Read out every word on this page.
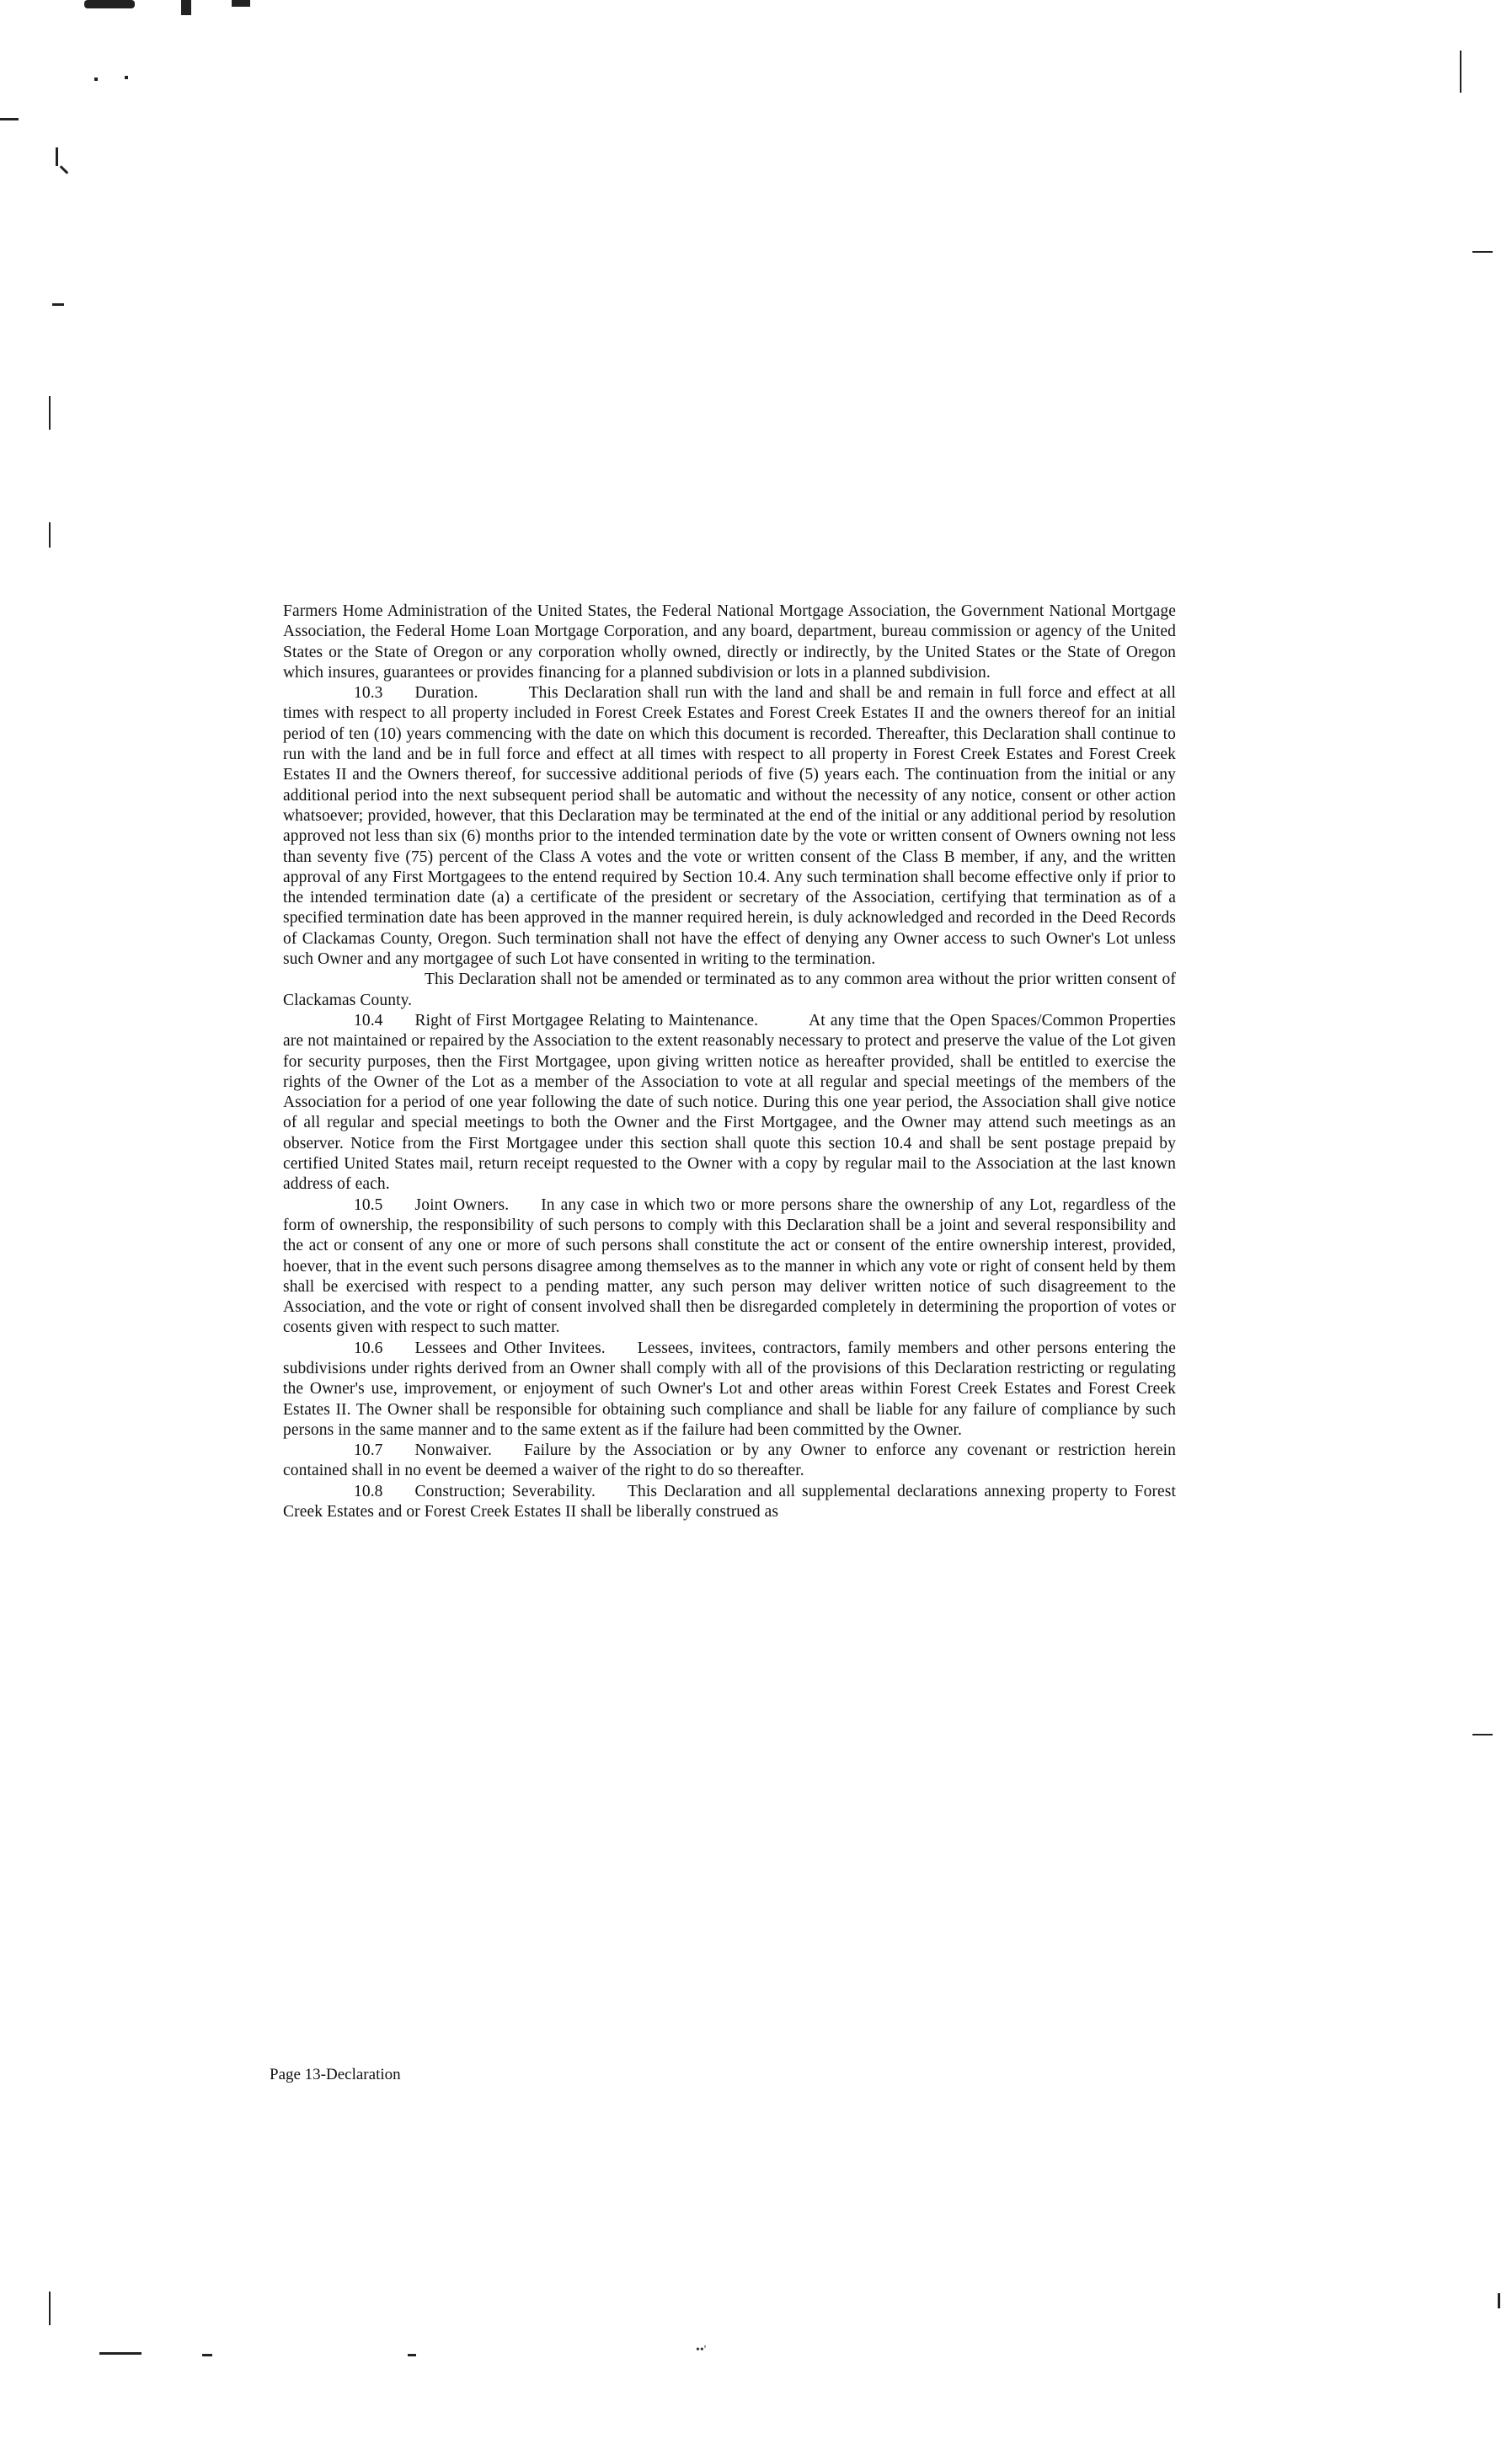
Farmers Home Administration of the United States, the Federal National Mortgage Association, the Government National Mortgage Association, the Federal Home Loan Mortgage Corporation, and any board, department, bureau commission or agency of the United States or the State of Oregon or any corporation wholly owned, directly or indirectly, by the United States or the State of Oregon which insures, guarantees or provides financing for a planned subdivision or lots in a planned subdivision.

10.3 Duration.	This Declaration shall run with the land and shall be and remain in full force and effect at all times with respect to all property included in Forest Creek Estates and Forest Creek Estates II and the owners thereof for an initial period of ten (10) years commencing with the date on which this document is recorded. Thereafter, this Declaration shall continue to run with the land and be in full force and effect at all times with respect to all property in Forest Creek Estates and Forest Creek Estates II and the Owners thereof, for successive additional periods of five (5) years each. The continuation from the initial or any additional period into the next subsequent period shall be automatic and without the necessity of any notice, consent or other action whatsoever; provided, however, that this Declaration may be terminated at the end of the initial or any additional period by resolution approved not less than six (6) months prior to the intended termination date by the vote or written consent of Owners owning not less than seventy five (75) percent of the Class A votes and the vote or written consent of the Class B member, if any, and the written approval of any First Mortgagees to the entend required by Section 10.4. Any such termination shall become effective only if prior to the intended termination date (a) a certificate of the president or secretary of the Association, certifying that termination as of a specified termination date has been approved in the manner required herein, is duly acknowledged and recorded in the Deed Records of Clackamas County, Oregon. Such termination shall not have the effect of denying any Owner access to such Owner's Lot unless such Owner and any mortgagee of such Lot have consented in writing to the termination.

This Declaration shall not be amended or terminated as to any common area without the prior written consent of Clackamas County.

10.4 Right of First Mortgagee Relating to Maintenance.	At any time that the Open Spaces/Common Properties are not maintained or repaired by the Association to the extent reasonably necessary to protect and preserve the value of the Lot given for security purposes, then the First Mortgagee, upon giving written notice as hereafter provided, shall be entitled to exercise the rights of the Owner of the Lot as a member of the Association to vote at all regular and special meetings of the members of the Association for a period of one year following the date of such notice. During this one year period, the Association shall give notice of all regular and special meetings to both the Owner and the First Mortgagee, and the Owner may attend such meetings as an observer. Notice from the First Mortgagee under this section shall quote this section 10.4 and shall be sent postage prepaid by certified United States mail, return receipt requested to the Owner with a copy by regular mail to the Association at the last known address of each.

10.5 Joint Owners. In any case in which two or more persons share the ownership of any Lot, regardless of the form of ownership, the responsibility of such persons to comply with this Declaration shall be a joint and several responsibility and the act or consent of any one or more of such persons shall constitute the act or consent of the entire ownership interest, provided, hoever, that in the event such persons disagree among themselves as to the manner in which any vote or right of consent held by them shall be exercised with respect to a pending matter, any such person may deliver written notice of such disagreement to the Association, and the vote or right of consent involved shall then be disregarded completely in determining the proportion of votes or cosents given with respect to such matter.

10.6 Lessees and Other Invitees. Lessees, invitees, contractors, family members and other persons entering the subdivisions under rights derived from an Owner shall comply with all of the provisions of this Declaration restricting or regulating the Owner's use, improvement, or enjoyment of such Owner's Lot and other areas within Forest Creek Estates and Forest Creek Estates II. The Owner shall be responsible for obtaining such compliance and shall be liable for any failure of compliance by such persons in the same manner and to the same extent as if the failure had been committed by the Owner.

10.7 Nonwaiver. Failure by the Association or by any Owner to enforce any covenant or restriction herein contained shall in no event be deemed a waiver of the right to do so thereafter.

10.8 Construction; Severability. This Declaration and all supplemental declarations annexing property to Forest Creek Estates and or Forest Creek Estates II shall be liberally construed as

Page 13-Declaration
••'
